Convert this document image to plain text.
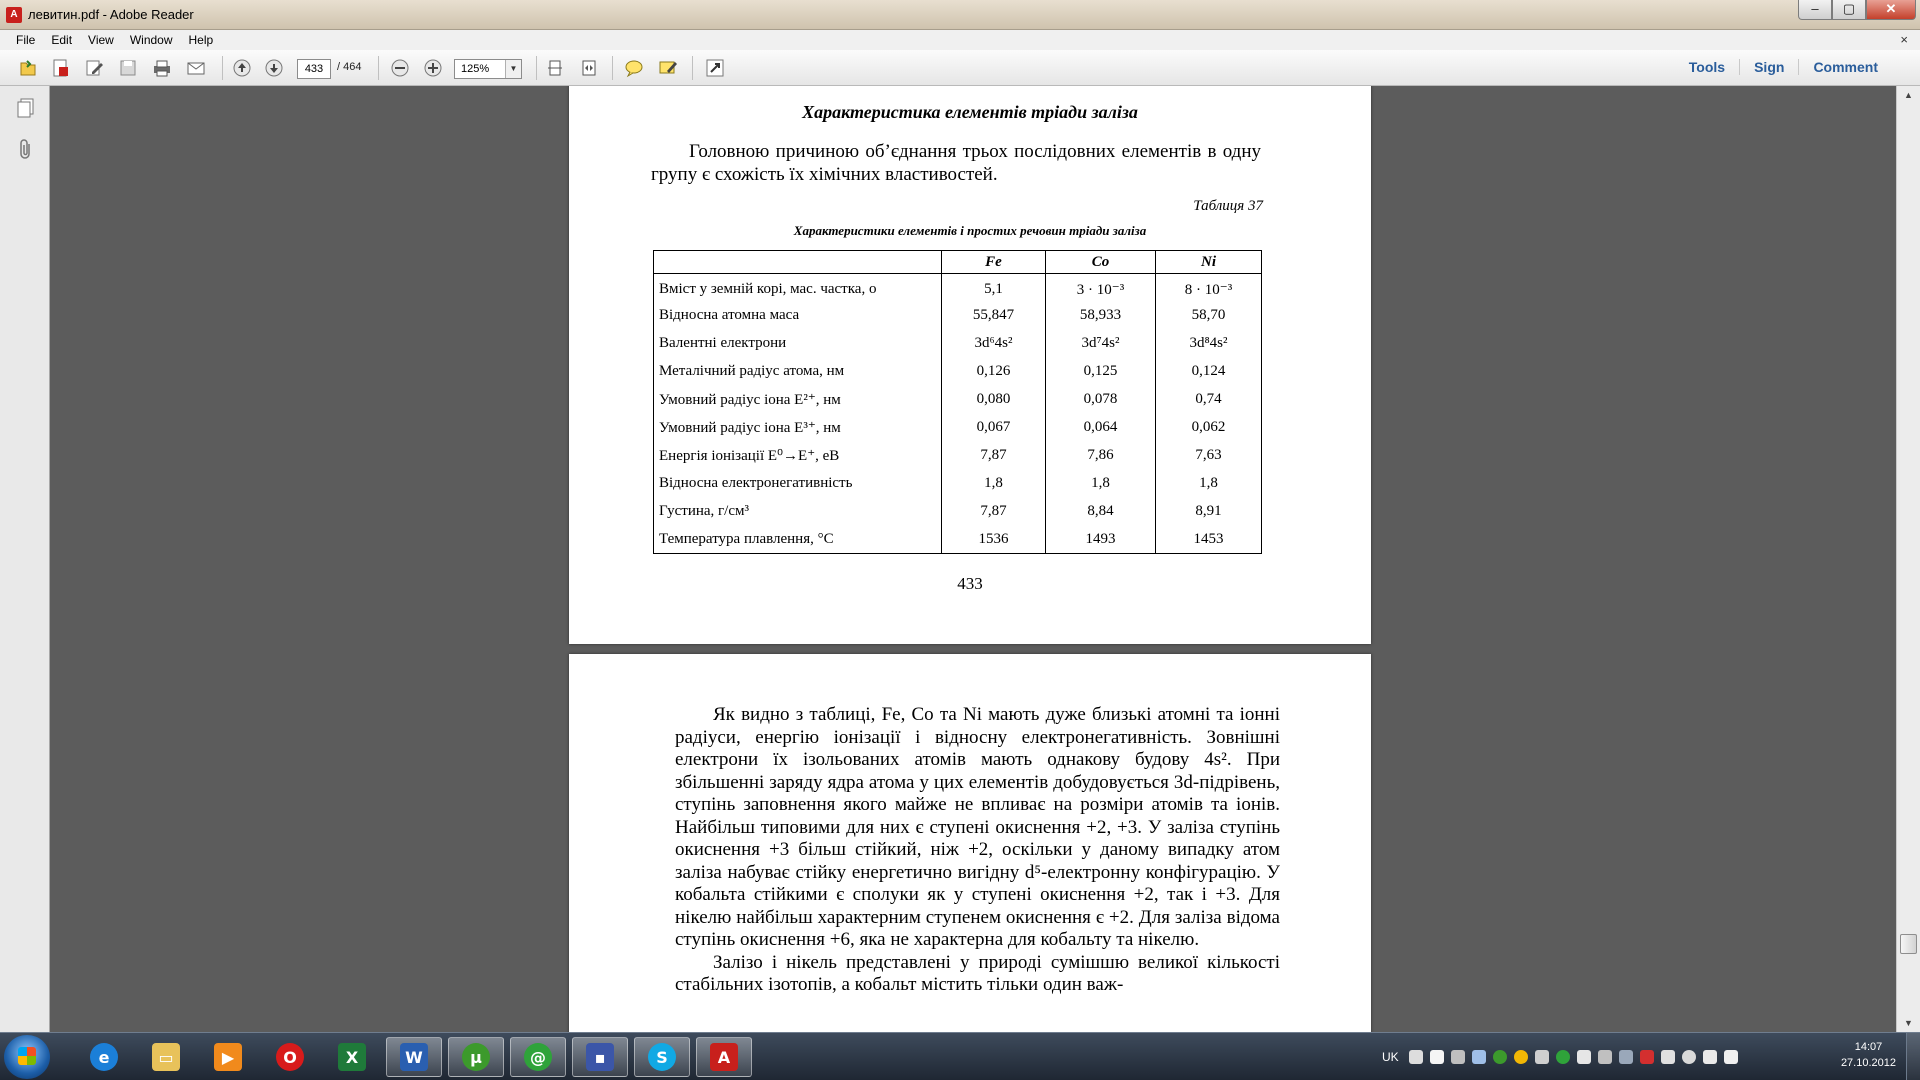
A левитин.pdf - Adobe Reader	–	▢	✕
File	Edit	View	Window	Help	×
433	/ 464	125%	▼	Tools	Sign	Comment
Характеристика елементів тріади заліза
Головною причиною об’єднання трьох послідовних елементів в одну групу є схожість їх хімічних властивостей.
Таблиця 37
Характеристики елементів і простих речовин тріади заліза
	Fe	Co	Ni
Вміст у земній корі, мас. частка, о	5,1	3 · 10⁻³	8 · 10⁻³
Відносна атомна маса	55,847	58,933	58,70
Валентні електрони	3d⁶4s²	3d⁷4s²	3d⁸4s²
Металічний радіус атома, нм	0,126	0,125	0,124
Умовний радіус іона E²⁺, нм	0,080	0,078	0,74
Умовний радіус іона E³⁺, нм	0,067	0,064	0,062
Енергія іонізації E⁰→E⁺, еВ	7,87	7,86	7,63
Відносна електронегативність	1,8	1,8	1,8
Густина, г/см³	7,87	8,84	8,91
Температура плавлення, °С	1536	1493	1453
433

Як видно з таблиці, Fe, Co та Ni мають дуже близькі атомні та іонні радіуси, енергію іонізації і відносну електронегативність. Зовнішні електрони їх ізольованих атомів мають однакову будову 4s². При збільшенні заряду ядра атома у цих елементів добудовується 3d-підрівень, ступінь заповнення якого майже не впливає на розміри атомів та іонів. Найбільш типовими для них є ступені окиснення +2, +3. У заліза ступінь окиснення +3 більш стійкий, ніж +2, оскільки у даному випадку атом заліза набуває стійку енергетично вигідну d⁵-електронну конфігурацію. У кобальта стійкими є сполуки як у ступені окиснення +2, так і +3. Для нікелю найбільш характерним ступенем окиснення є +2. Для заліза відома ступінь окиснення +6, яка не характерна для кобальту та нікелю.

Залізо і нікель представлені у природі сумішшю великої кількості стабільних ізотопів, а кобальт містить тільки один важ-

▲
▼
e	▭	▶	O	X	W	µ	@	▪	S	A	UK
14:07
27.10.2012
